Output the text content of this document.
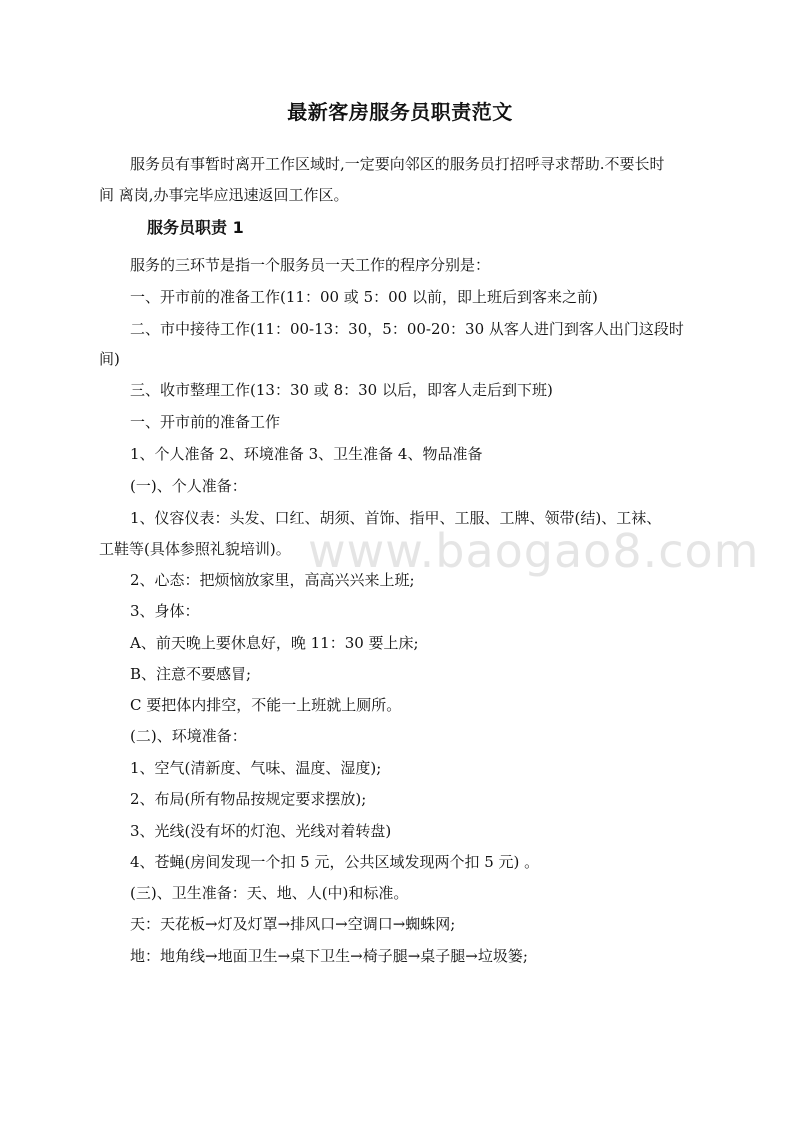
最新客房服务员职责范文
服务员有事暂时离开工作区域时,一定要向邻区的服务员打招呼寻求帮助.不要长时
间 离岗,办事完毕应迅速返回工作区。
服务员职责 1
服务的三环节是指一个服务员一天工作的程序分别是：
一、开市前的准备工作(11：00 或 5：00 以前，即上班后到客来之前)
二、市中接待工作(11：00-13：30，5：00-20：30 从客人进门到客人出门这段时
间)
三、收市整理工作(13：30 或 8：30 以后，即客人走后到下班)
一、开市前的准备工作
1、个人准备 2、环境准备 3、卫生准备 4、物品准备
(一)、个人准备：
1、仪容仪表：头发、口红、胡须、首饰、指甲、工服、工牌、领带(结)、工袜、
工鞋等(具体参照礼貌培训)。
2、心态：把烦恼放家里，高高兴兴来上班;
3、身体：
A、前天晚上要休息好，晚 11：30 要上床;
B、注意不要感冒;
C 要把体内排空，不能一上班就上厕所。
(二)、环境准备：
1、空气(清新度、气味、温度、湿度);
2、布局(所有物品按规定要求摆放);
3、光线(没有坏的灯泡、光线对着转盘)
4、苍蝇(房间发现一个扣 5 元，公共区域发现两个扣 5 元) 。
(三)、卫生准备：天、地、人(中)和标准。
天：天花板→灯及灯罩→排风口→空调口→蜘蛛网;
地：地角线→地面卫生→桌下卫生→椅子腿→桌子腿→垃圾篓;
www.baogao8.com
